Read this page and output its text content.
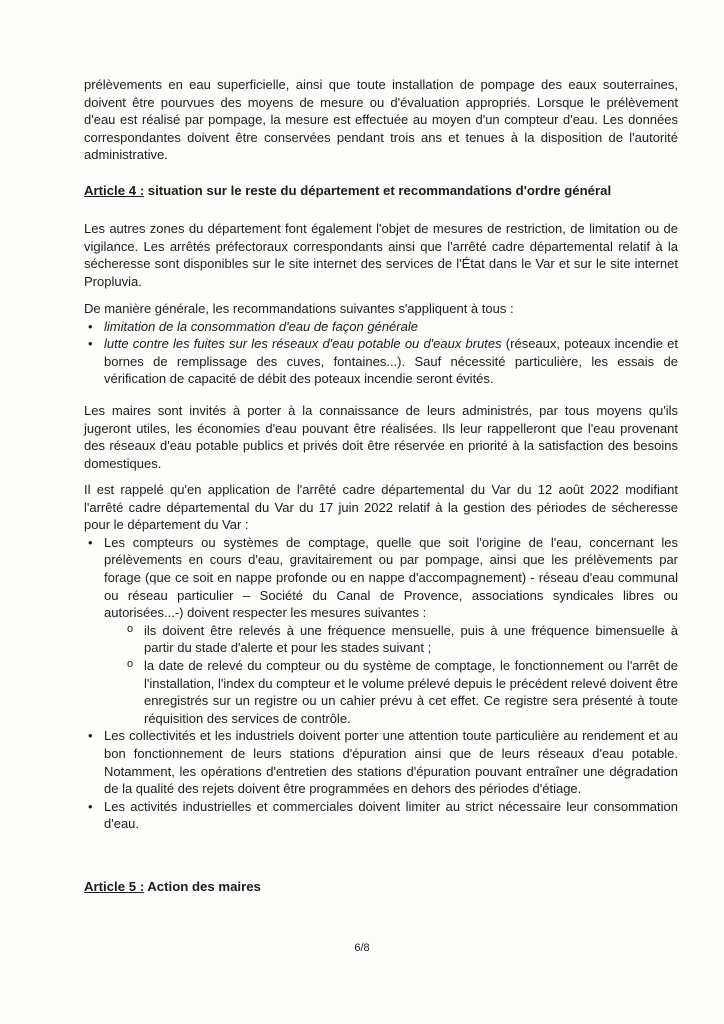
prélèvements en eau superficielle, ainsi que toute installation de pompage des eaux souterraines, doivent être pourvues des moyens de mesure ou d'évaluation appropriés. Lorsque le prélèvement d'eau est réalisé par pompage, la mesure est effectuée au moyen d'un compteur d'eau. Les données correspondantes doivent être conservées pendant trois ans et tenues à la disposition de l'autorité administrative.

Article 4 : situation sur le reste du département et recommandations d'ordre général

Les autres zones du département font également l'objet de mesures de restriction, de limitation ou de vigilance. Les arrêtés préfectoraux correspondants ainsi que l'arrêté cadre départemental relatif à la sécheresse sont disponibles sur le site internet des services de l'État dans le Var et sur le site internet Propluvia.

De manière générale, les recommandations suivantes s'appliquent à tous :

• limitation de la consommation d'eau de façon générale
• lutte contre les fuites sur les réseaux d'eau potable ou d'eaux brutes (réseaux, poteaux incendie et bornes de remplissage des cuves, fontaines...). Sauf nécessité particulière, les essais de vérification de capacité de débit des poteaux incendie seront évités.

Les maires sont invités à porter à la connaissance de leurs administrés, par tous moyens qu'ils jugeront utiles, les économies d'eau pouvant être réalisées. Ils leur rappelleront que l'eau provenant des réseaux d'eau potable publics et privés doit être réservée en priorité à la satisfaction des besoins domestiques.

Il est rappelé qu'en application de l'arrêté cadre départemental du Var du 12 août 2022 modifiant l'arrêté cadre départemental du Var du 17 juin 2022 relatif à la gestion des périodes de sécheresse pour le département du Var :

• Les compteurs ou systèmes de comptage, quelle que soit l'origine de l'eau, concernant les prélèvements en cours d'eau, gravitairement ou par pompage, ainsi que les prélèvements par forage (que ce soit en nappe profonde ou en nappe d'accompagnement) - réseau d'eau communal ou réseau particulier – Société du Canal de Provence, associations syndicales libres ou autorisées...-) doivent respecter les mesures suivantes :
o ils doivent être relevés à une fréquence mensuelle, puis à une fréquence bimensuelle à partir du stade d'alerte et pour les stades suivant ;
o la date de relevé du compteur ou du système de comptage, le fonctionnement ou l'arrêt de l'installation, l'index du compteur et le volume prélevé depuis le précédent relevé doivent être enregistrés sur un registre ou un cahier prévu à cet effet. Ce registre sera présenté à toute réquisition des services de contrôle.
• Les collectivités et les industriels doivent porter une attention toute particulière au rendement et au bon fonctionnement de leurs stations d'épuration ainsi que de leurs réseaux d'eau potable. Notamment, les opérations d'entretien des stations d'épuration pouvant entraîner une dégradation de la qualité des rejets doivent être programmées en dehors des périodes d'étiage.
• Les activités industrielles et commerciales doivent limiter au strict nécessaire leur consommation d'eau.
Article 5 : Action des maires
6/8
